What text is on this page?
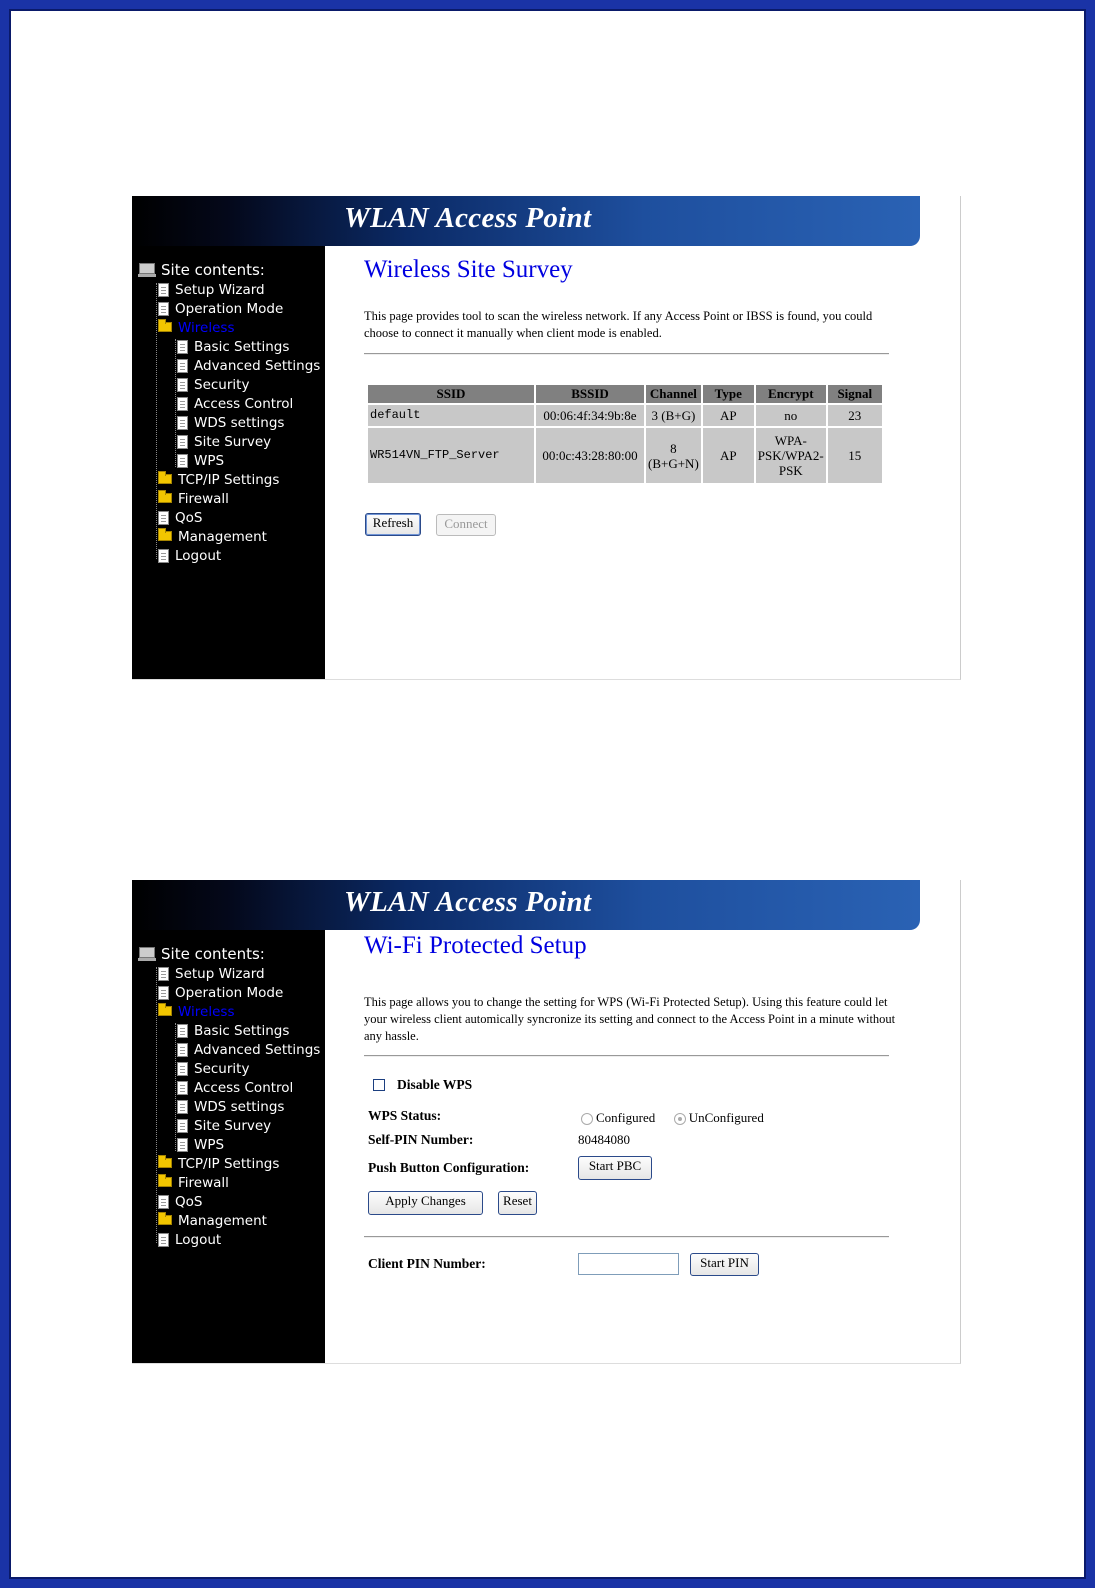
WLAN Access Point
Site contents:
Setup Wizard
Operation Mode
Wireless
Basic Settings
Advanced Settings
Security
Access Control
WDS settings
Site Survey
WPS
TCP/IP Settings
Firewall
QoS
Management
Logout
Wireless Site Survey
This page provides tool to scan the wireless network. If any Access Point or IBSS is found, you could choose to connect it manually when client mode is enabled.
SSID	BSSID	Channel	Type	Encrypt	Signal
default	00:06:4f:34:9b:8e	3 (B+G)	AP	no	23
WR514VN_FTP_Server	00:0c:43:28:80:00	8 (B+G+N)	AP	WPA-PSK/WPA2-PSK	15
Refresh	Connect
WLAN Access Point
Site contents:
Setup Wizard
Operation Mode
Wireless
Basic Settings
Advanced Settings
Security
Access Control
WDS settings
Site Survey
WPS
TCP/IP Settings
Firewall
QoS
Management
Logout
Wi-Fi Protected Setup
This page allows you to change the setting for WPS (Wi-Fi Protected Setup). Using this feature could let your wireless client automically syncronize its setting and connect to the Access Point in a minute without any hassle.
Disable WPS
WPS Status:	Configured	UnConfigured
Self-PIN Number:	80484080
Push Button Configuration:	Start PBC
Apply Changes	Reset
Client PIN Number:	Start PIN
